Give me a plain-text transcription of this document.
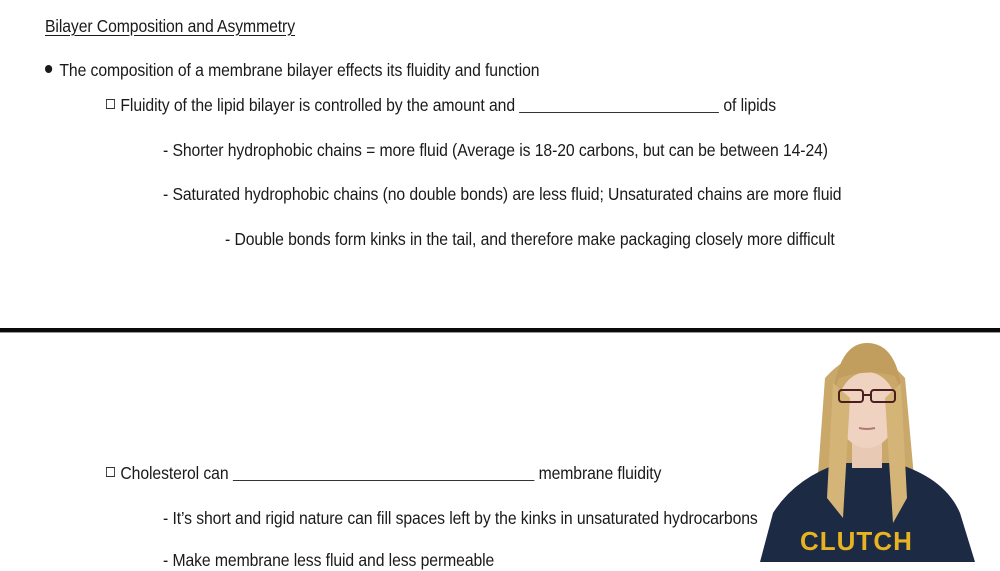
Bilayer Composition and Asymmetry
The composition of a membrane bilayer effects its fluidity and function
Fluidity of the lipid bilayer is controlled by the amount and	of lipids
- Shorter hydrophobic chains = more fluid (Average is 18-20 carbons, but can be between 14-24)
- Saturated hydrophobic chains (no double bonds) are less fluid; Unsaturated chains are more fluid
- Double bonds form kinks in the tail, and therefore make packaging closely more difficult
Cholesterol can	membrane fluidity
- It’s short and rigid nature can fill spaces left by the kinks in unsaturated hydrocarbons
- Make membrane less fluid and less permeable
CLUTCH
